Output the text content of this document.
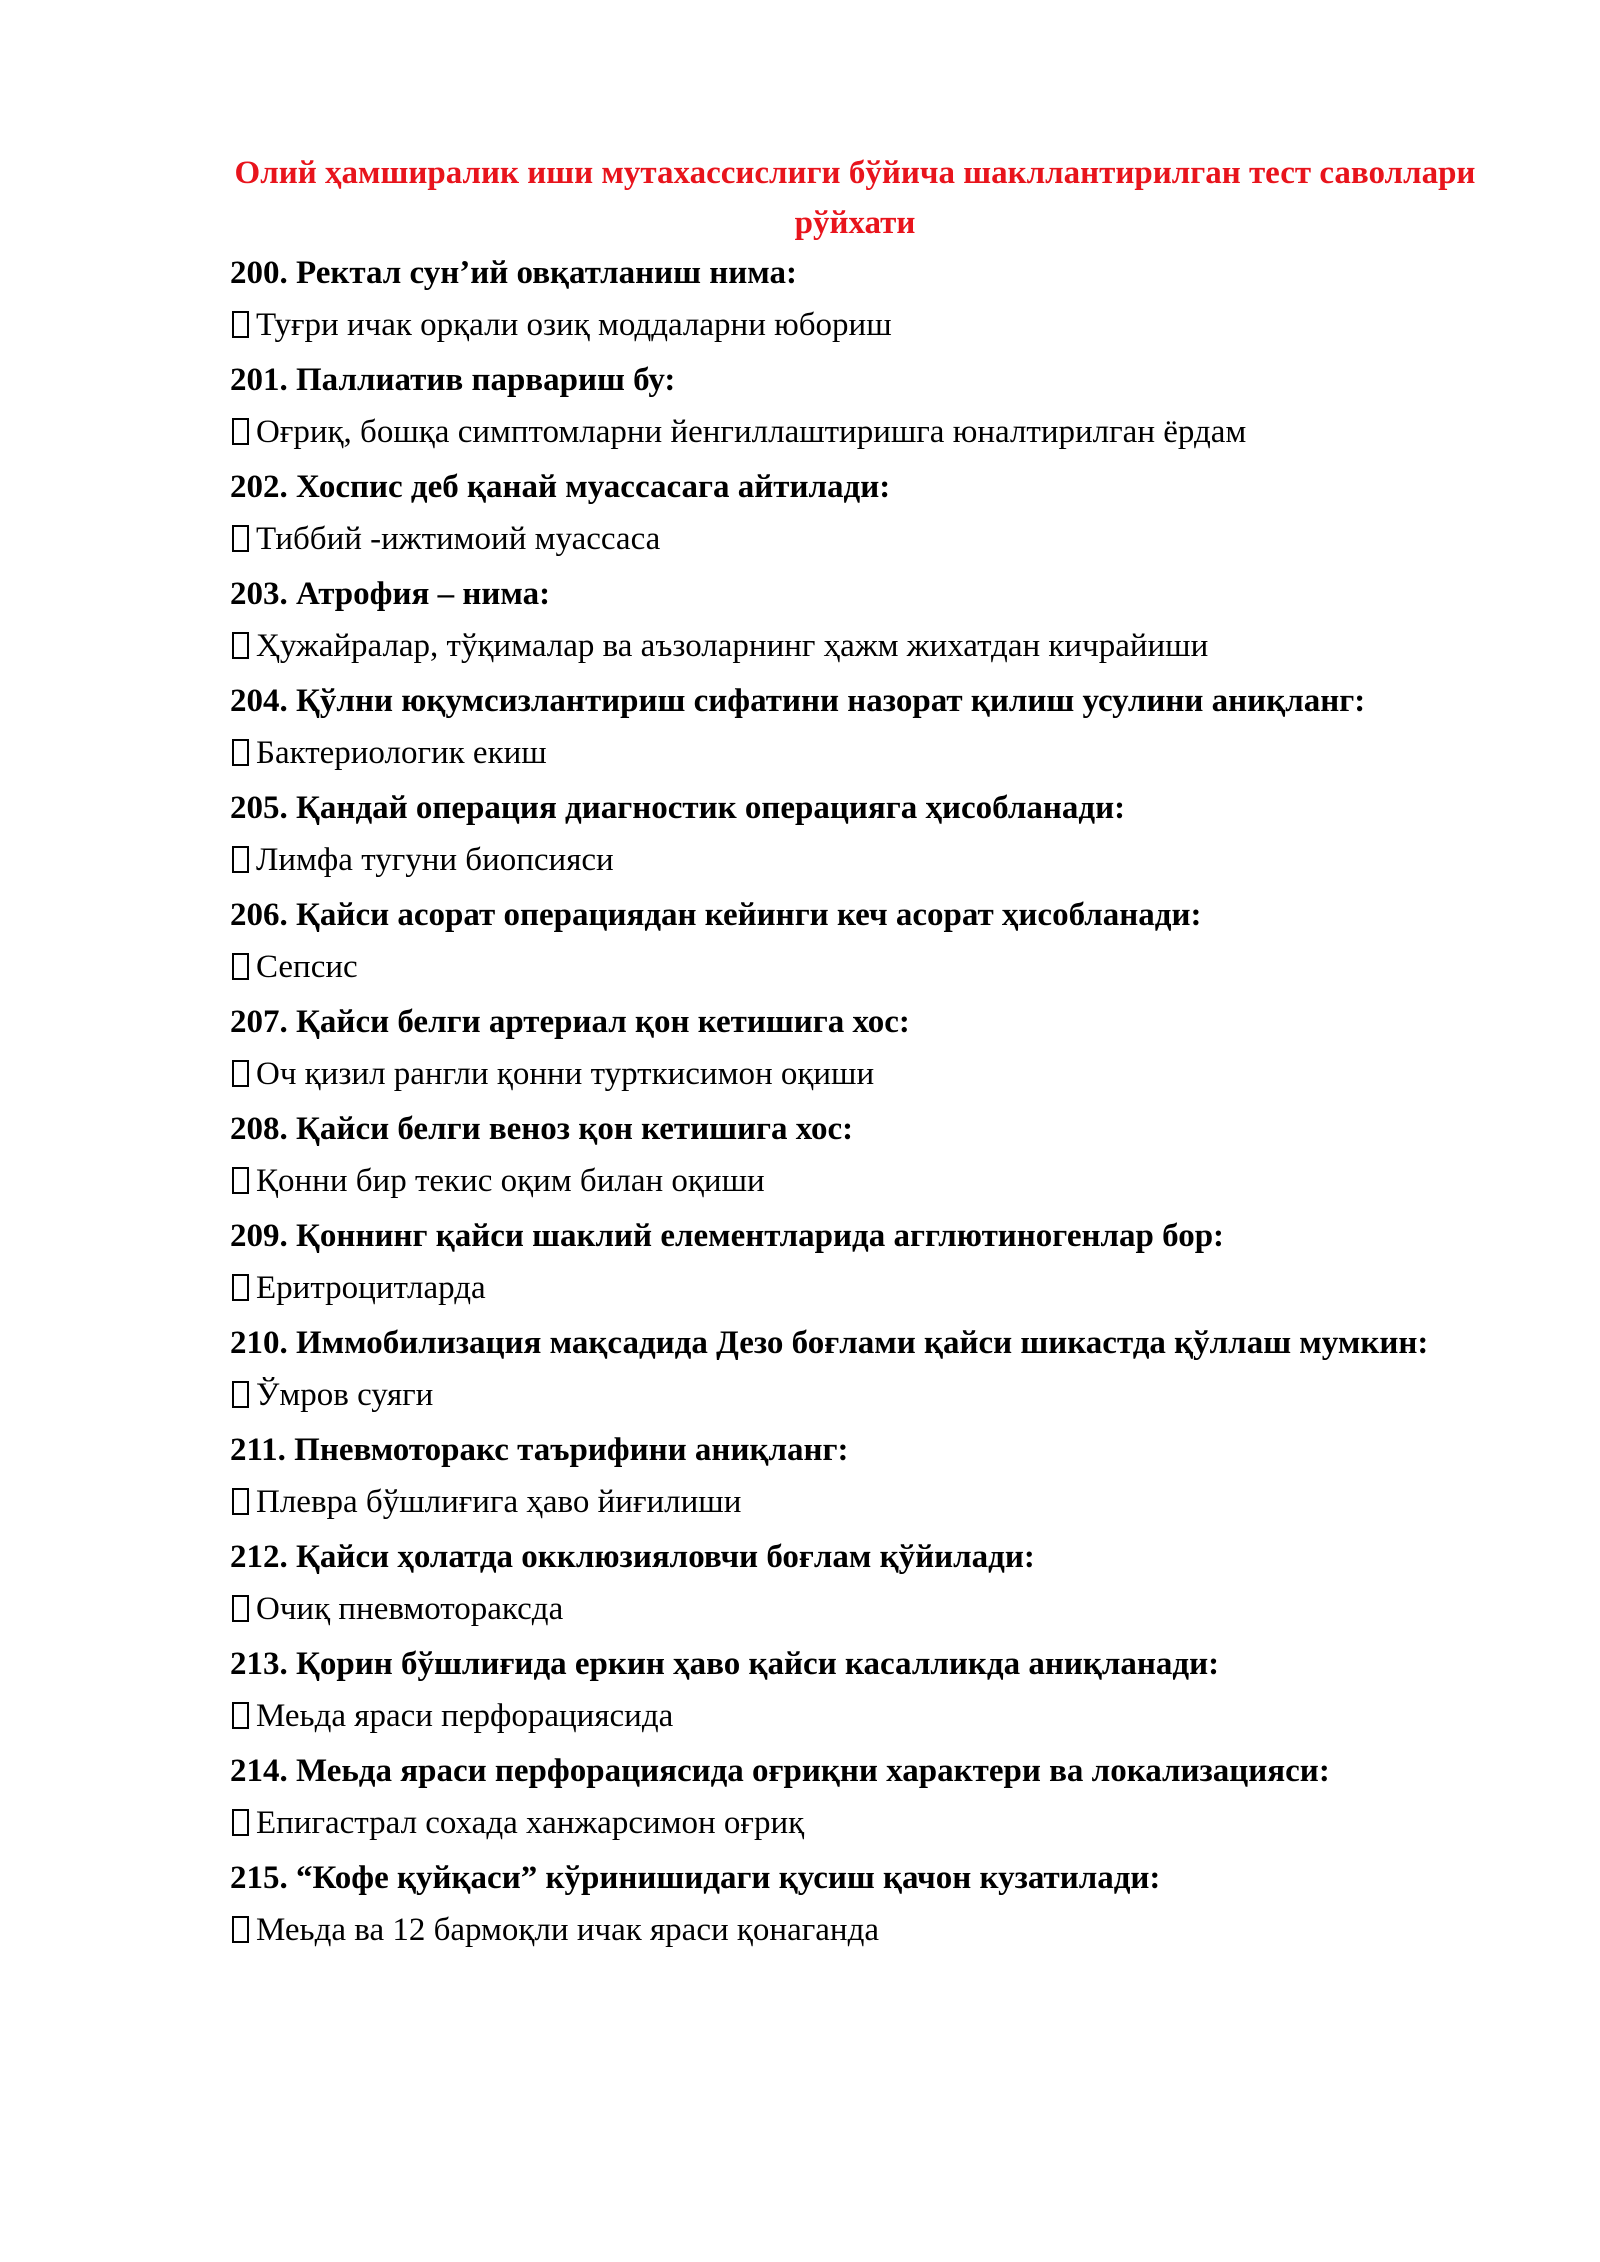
Олий ҳамширалик иши мутахассислиги бўйича шакллантирилган тест саволлари рўйхати

200. Ректал сунʼий овқатланиш нима:

Туғри ичак орқали озиқ моддаларни юбориш

201. Паллиатив парвариш бу:

Оғриқ, бошқа симптомларни йенгиллаштиришга юналтирилган ёрдам

202. Хоспис деб қанай муассасага айтилади:

Тиббий -ижтимоий муассаса

203. Атрофия – нима:

Ҳужайралар, тўқималар ва аъзоларнинг ҳажм жихатдан кичрайиши

204. Қўлни юқумсизлантириш сифатини назорат қилиш усулини аниқланг:

Бактериологик екиш

205. Қандай операция диагностик операцияга ҳисобланади:

Лимфа тугуни биопсияси

206. Қайси асорат операциядан кейинги кеч асорат ҳисобланади:

Сепсис

207. Қайси белги артериал қон кетишига хос:

Оч қизил рангли қонни турткисимон оқиши

208. Қайси белги веноз қон кетишига хос:

Қонни бир текис оқим билан оқиши

209. Қоннинг қайси шаклий елементларида агглютиногенлар бор:

Еритроцитларда

210. Иммобилизация мақсадида Дезо боғлами қайси шикастда қўллаш мумкин:

Ўмров суяги

211. Пневмоторакс таърифини аниқланг:

Плевра бўшлиғига ҳаво йиғилиши

212. Қайси ҳолатда окклюзияловчи боғлам қўйилади:

Очиқ пневмотораксда

213. Қорин бўшлиғида еркин ҳаво қайси касалликда аниқланади:

Меьда яраси перфорациясида

214. Меьда яраси перфорациясида оғриқни характери ва локализацияси:

Епигастрал сохада ханжарсимон оғриқ

215. “Кофе қуйқаси” кўринишидаги қусиш қачон кузатилади:

Меьда ва 12 бармоқли ичак яраси қонаганда
